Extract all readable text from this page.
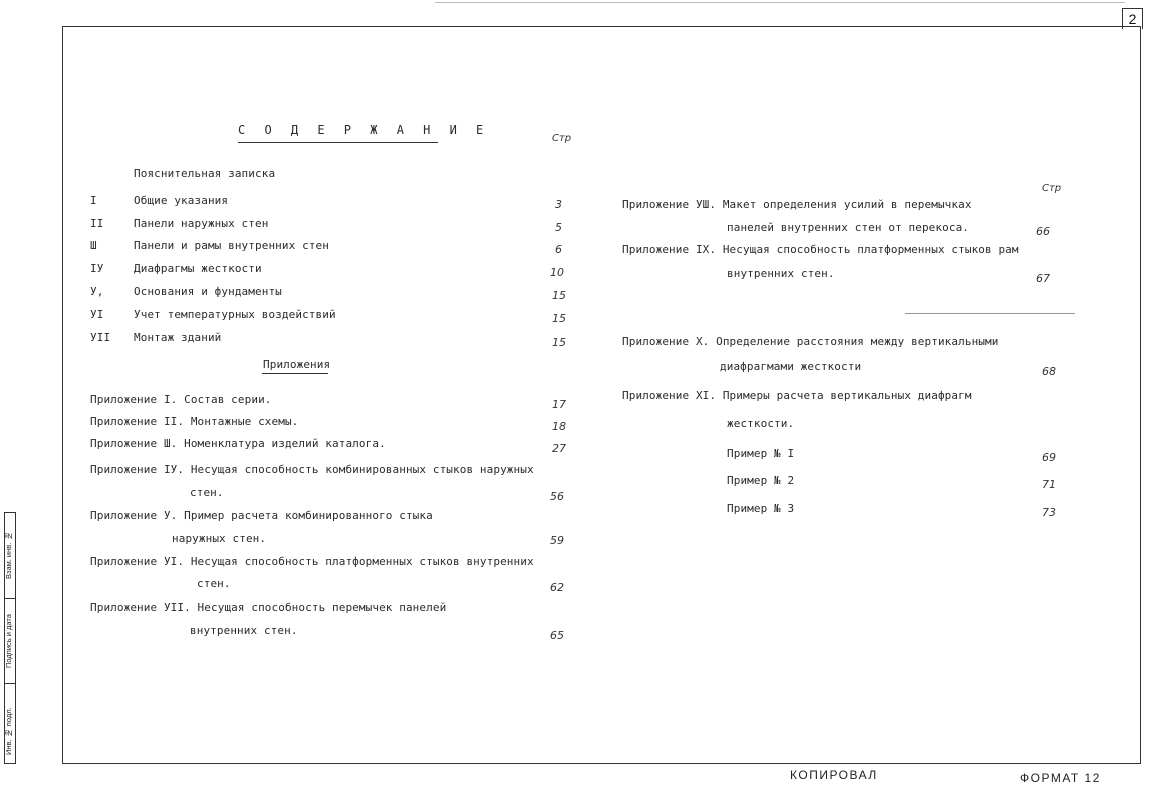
2
С О Д Е Р Ж А Н И Е
Стр
Стр
Пояснительная записка
I	Общие указания	3
II	Панели наружных стен	5
Ш	Панели и рамы внутренних стен	6
IУ	Диафрагмы жесткости	10
У,	Основания и фундаменты	15
УI	Учет температурных воздействий	15
УII Монтаж зданий	15
Приложения
Приложение I. Состав серии.	17
Приложение II. Монтажные схемы.	18
Приложение Ш. Номенклатура изделий каталога.	27
Приложение IУ. Несущая способность комбинированных стыков наружных
стен.	56
Приложение У. Пример расчета комбинированного стыка
наружных стен.	59
Приложение УI. Несущая способность платформенных стыков внутренних
стен.	62
Приложение УII. Несущая способность перемычек панелей
внутренних стен.	65
Приложение УШ. Макет определения усилий в перемычках
панелей внутренних стен от перекоса.	66
Приложение IХ. Несущая способность платформенных стыков рам
внутренних стен.	67
Приложение Х. Определение расстояния между вертикальными
диафрагмами жесткости	68
Приложение ХI. Примеры расчета вертикальных диафрагм
жесткости.
Пример № I	69
Пример № 2	71
Пример № 3	73
Инв. № подл.
Подпись и дата
Взам. инв. №
КОПИРОВАЛ	ФОРМАТ 12
